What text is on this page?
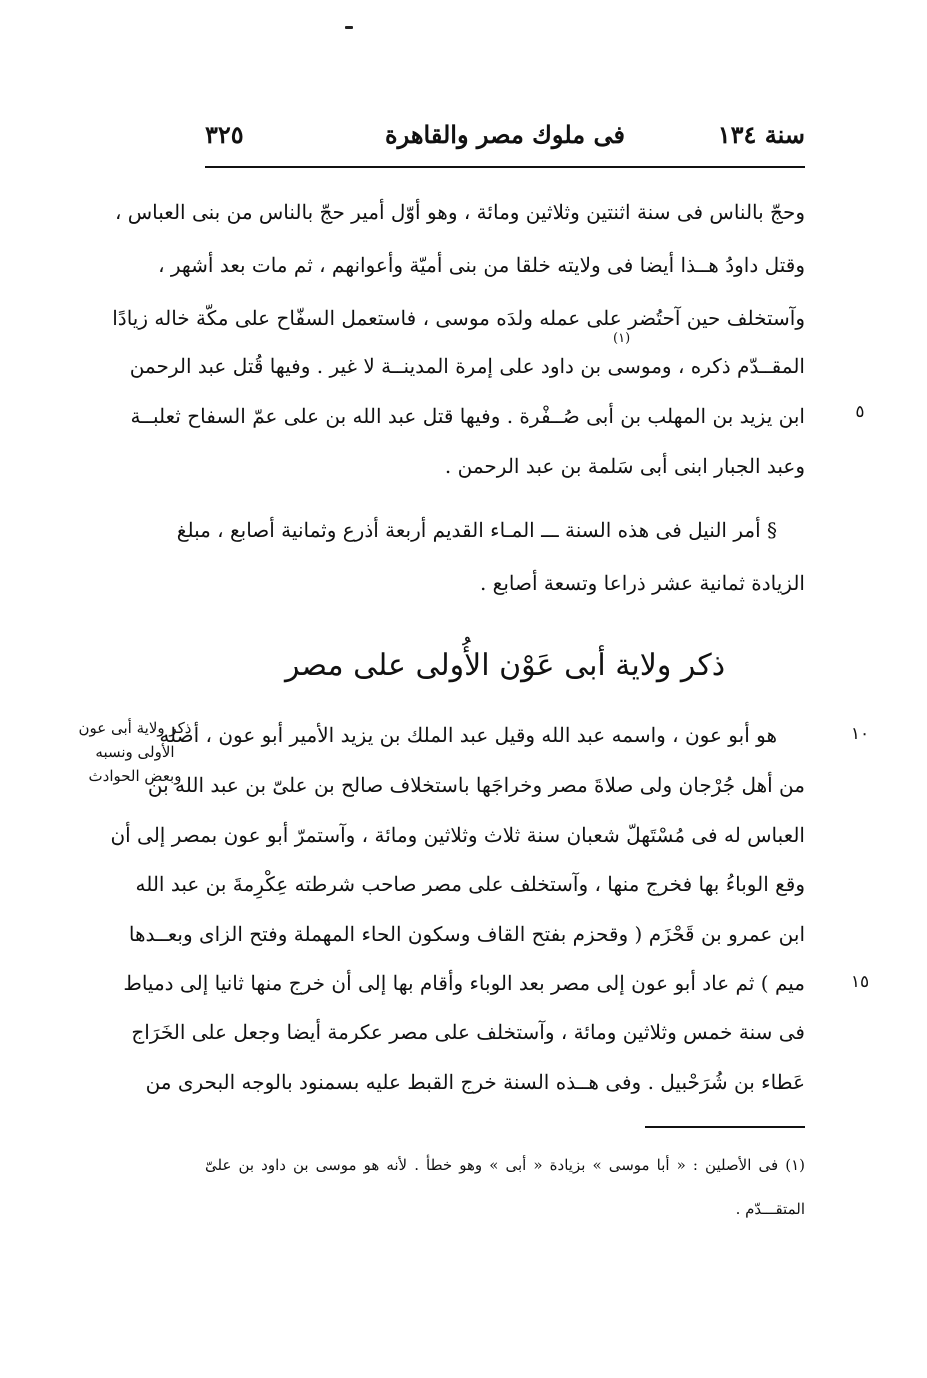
سنة ١٣٤
فى ملوك مصر والقاهرة
٣٢٥
وحجّ بالناس فى سنة اثنتين وثلاثين ومائة ، وهو أوّل أمير حجّ بالناس من بنى العباس ،
وقتل داودُ هــذا أيضا فى ولايته خلقا من بنى أميّة وأعوانهم ، ثم مات بعد أشهر ،
وآستخلف حين آحتُضر على عمله ولدَه موسى ، فاستعمل السفّاح على مكّة خاله زيادًا
(١)
المقــدّم ذكره ، وموسى بن داود على إمرة المدينــة لا غير . وفيها قُتل عبد الرحمن
ابن يزيد بن المهلب بن أبى صُــفْرة . وفيها قتل عبد الله بن على عمّ السفاح ثعلبــة
وعبد الجبار ابنى أبى سَلمة بن عبد الرحمن .
§ أمر النيل فى هذه السنة ـــ المـاء القديم أربعة أذرع وثمانية أصابع ، مبلغ
الزيادة ثمانية عشر ذراعا وتسعة أصابع .
ذكر ولاية أبى عَوْن الأُولى على مصر
ذكر ولاية أبى عون
الأولى ونسبه
وبعض الحوادث
هو أبو عون ، واسمه عبد الله وقيل عبد الملك بن يزيد الأمير أبو عون ، أصله
من أهل جُرْجان ولى صلاةَ مصر وخراجَها باستخلاف صالح بن علىّ بن عبد الله بن
العباس له فى مُسْتَهلّ شعبان سنة ثلاث وثلاثين ومائة ، وآستمرّ أبو عون بمصر إلى أن
وقع الوباءُ بها فخرج منها ، وآستخلف على مصر صاحب شرطته عِكْرِمةَ بن عبد الله
ابن عمرو بن قَحْزَم ( وقحزم بفتح القاف وسكون الحاء المهملة وفتح الزاى وبعــدها
ميم ) ثم عاد أبو عون إلى مصر بعد الوباء وأقام بها إلى أن خرج منها ثانيا إلى دمياط
فى سنة خمس وثلاثين ومائة ، وآستخلف على مصر عكرمة أيضا وجعل على الخَرَاج
عَطاء بن شُرَحْبيل . وفى هــذه السنة خرج القبط عليه بسمنود بالوجه البحرى من
٥
١٠
١٥
(١) فى الأصلين : « أبا موسى » بزيادة « أبى » وهو خطأ . لأنه هو موسى بن داود بن علىّ
المتقـــدّم .
